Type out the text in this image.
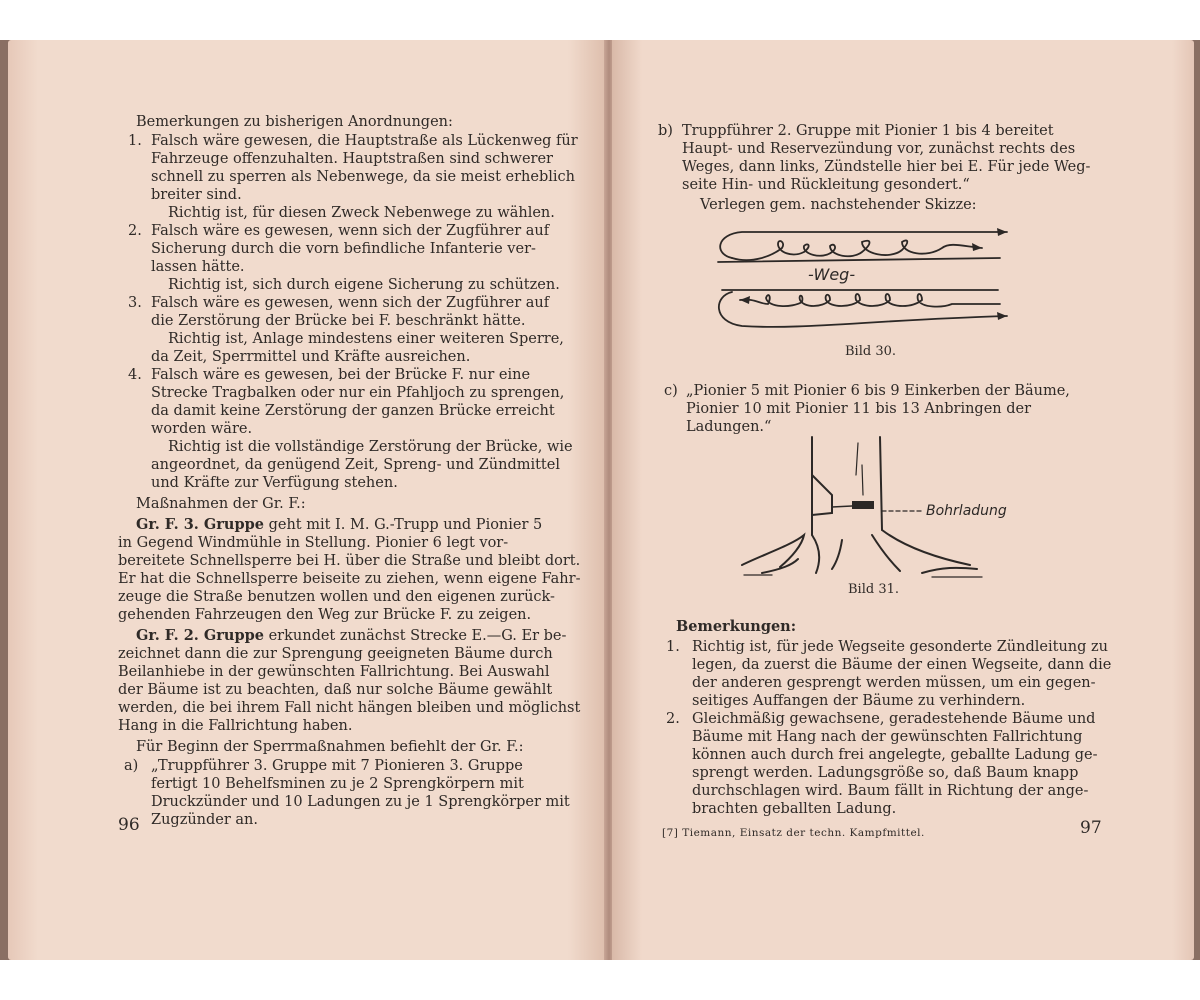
Bemerkungen zu bisherigen Anordnungen:
1. Falsch wäre gewesen, die Hauptstraße als Lückenweg für
Fahrzeuge offenzuhalten. Hauptstraßen sind schwerer
schnell zu sperren als Nebenwege, da sie meist erheblich
breiter sind.
Richtig ist, für diesen Zweck Nebenwege zu wählen.
2. Falsch wäre es gewesen, wenn sich der Zugführer auf
Sicherung durch die vorn befindliche Infanterie ver-
lassen hätte.
Richtig ist, sich durch eigene Sicherung zu schützen.
3. Falsch wäre es gewesen, wenn sich der Zugführer auf
die Zerstörung der Brücke bei F. beschränkt hätte.
Richtig ist, Anlage mindestens einer weiteren Sperre,
da Zeit, Sperrmittel und Kräfte ausreichen.
4. Falsch wäre es gewesen, bei der Brücke F. nur eine
Strecke Tragbalken oder nur ein Pfahljoch zu sprengen,
da damit keine Zerstörung der ganzen Brücke erreicht
worden wäre.
Richtig ist die vollständige Zerstörung der Brücke, wie
angeordnet, da genügend Zeit, Spreng- und Zündmittel
und Kräfte zur Verfügung stehen.
Maßnahmen der Gr. F.:
Gr. F. 3. Gruppe geht mit I. M. G.-Trupp und Pionier 5
in Gegend Windmühle in Stellung. Pionier 6 legt vor-
bereitete Schnellsperre bei H. über die Straße und bleibt dort.
Er hat die Schnellsperre beiseite zu ziehen, wenn eigene Fahr-
zeuge die Straße benutzen wollen und den eigenen zurück-
gehenden Fahrzeugen den Weg zur Brücke F. zu zeigen.
Gr. F. 2. Gruppe erkundet zunächst Strecke E.—G. Er be-
zeichnet dann die zur Sprengung geeigneten Bäume durch
Beilanhiebe in der gewünschten Fallrichtung. Bei Auswahl
der Bäume ist zu beachten, daß nur solche Bäume gewählt
werden, die bei ihrem Fall nicht hängen bleiben und möglichst
Hang in die Fallrichtung haben.
Für Beginn der Sperrmaßnahmen befiehlt der Gr. F.:
a) „Truppführer 3. Gruppe mit 7 Pionieren 3. Gruppe
fertigt 10 Behelfsminen zu je 2 Sprengkörpern mit
Druckzünder und 10 Ladungen zu je 1 Sprengkörper mit
Zugzünder an.
96
b) Truppführer 2. Gruppe mit Pionier 1 bis 4 bereitet
Haupt- und Reservezündung vor, zunächst rechts des
Weges, dann links, Zündstelle hier bei E. Für jede Weg-
seite Hin- und Rückleitung gesondert.“
Verlegen gem. nachstehender Skizze:
-Weg-
Bild 30.
c) „Pionier 5 mit Pionier 6 bis 9 Einkerben der Bäume,
Pionier 10 mit Pionier 11 bis 13 Anbringen der
Ladungen.“
Bohrladung
Bild 31.
Bemerkungen:
1. Richtig ist, für jede Wegseite gesonderte Zündleitung zu
legen, da zuerst die Bäume der einen Wegseite, dann die
der anderen gesprengt werden müssen, um ein gegen-
seitiges Auffangen der Bäume zu verhindern.
2. Gleichmäßig gewachsene, geradestehende Bäume und
Bäume mit Hang nach der gewünschten Fallrichtung
können auch durch frei angelegte, geballte Ladung ge-
sprengt werden. Ladungsgröße so, daß Baum knapp
durchschlagen wird. Baum fällt in Richtung der ange-
brachten geballten Ladung.
[7] Tiemann, Einsatz der techn. Kampfmittel.	97
